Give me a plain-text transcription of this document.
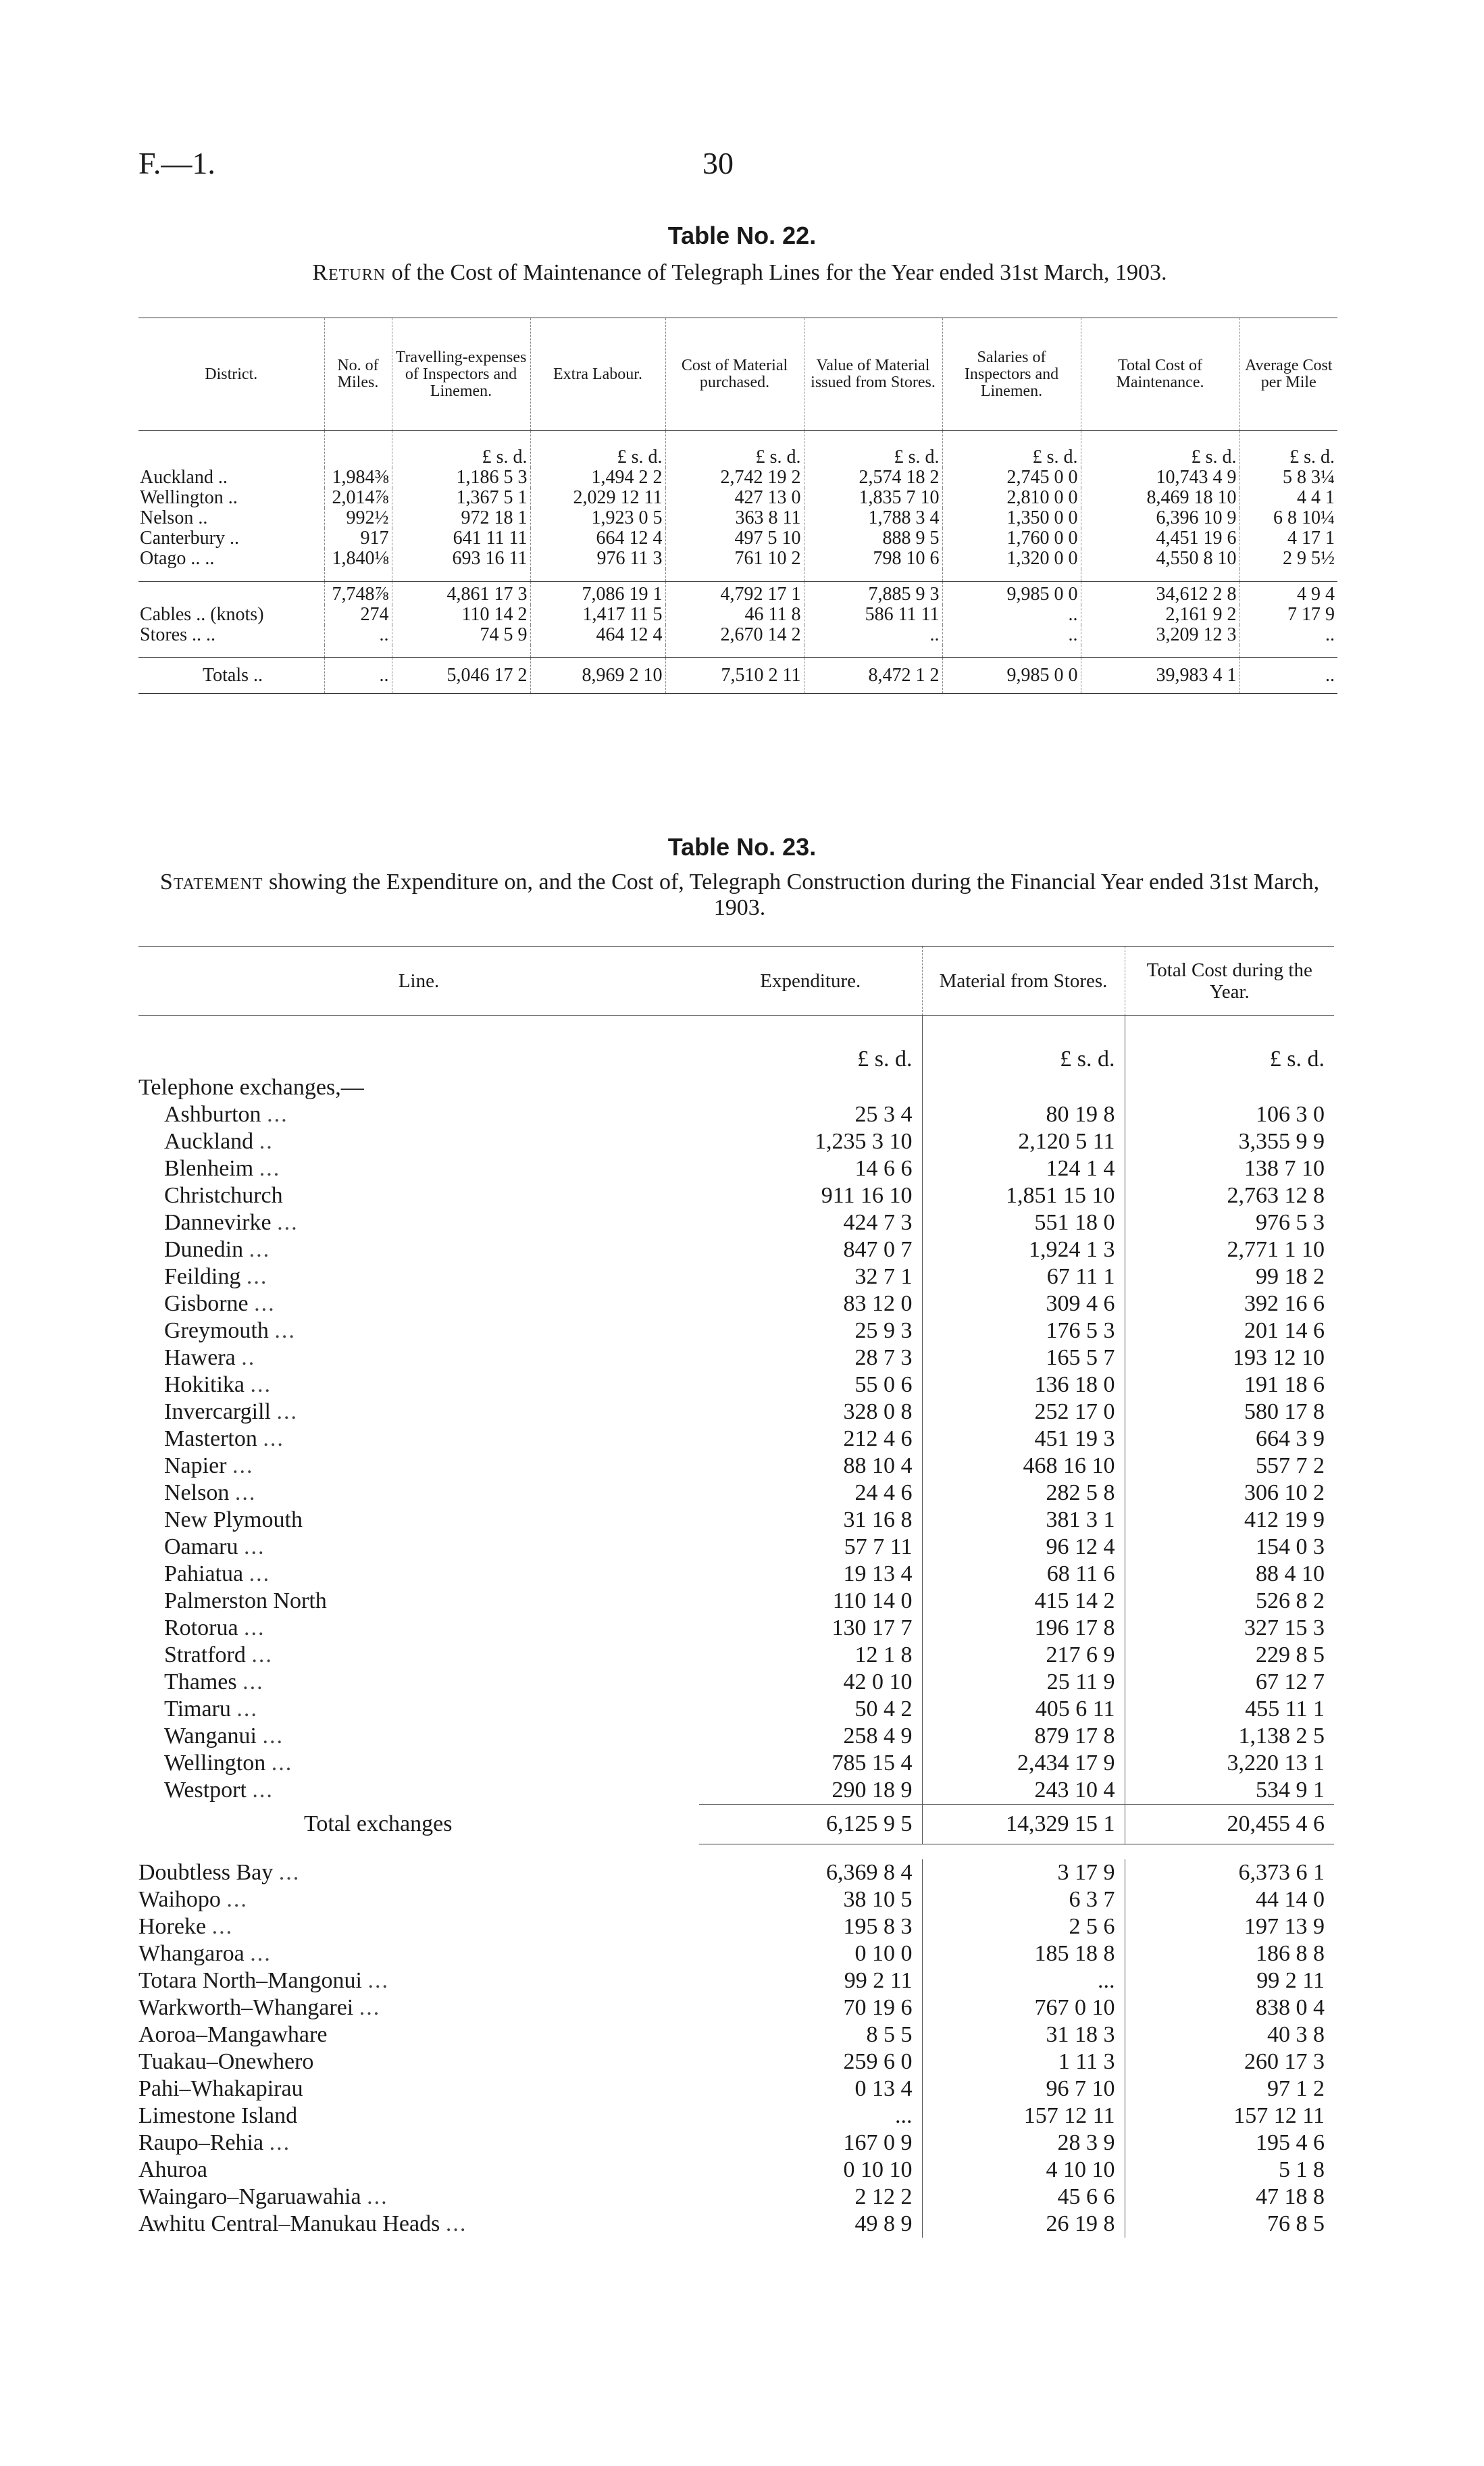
F.—1.	30
Table No. 22.
Return of the Cost of Maintenance of Telegraph Lines for the Year ended 31st March, 1903.
District.	No. of Miles.	Travelling-expenses of Inspectors and Linemen.	Extra Labour.	Cost of Material purchased.	Value of Material issued from Stores.	Salaries of Inspectors and Linemen.	Total Cost of Maintenance.	Average Cost per Mile
		£ s. d.	£ s. d.	£ s. d.	£ s. d.	£ s. d.	£ s. d.	£ s. d.
Auckland ..	1,984⅜	1,186 5 3	1,494 2 2	2,742 19 2	2,574 18 2	2,745 0 0	10,743 4 9	5 8 3¼
Wellington ..	2,014⅞	1,367 5 1	2,029 12 11	427 13 0	1,835 7 10	2,810 0 0	8,469 18 10	4 4 1
Nelson ..	992½	972 18 1	1,923 0 5	363 8 11	1,788 3 4	1,350 0 0	6,396 10 9	6 8 10¼
Canterbury ..	917	641 11 11	664 12 4	497 5 10	888 9 5	1,760 0 0	4,451 19 6	4 17 1
Otago .. ..	1,840⅛	693 16 11	976 11 3	761 10 2	798 10 6	1,320 0 0	4,550 8 10	2 9 5½

	7,748⅞	4,861 17 3	7,086 19 1	4,792 17 1	7,885 9 3	9,985 0 0	34,612 2 8	4 9 4
Cables .. (knots)	274	110 14 2	1,417 11 5	46 11 8	586 11 11	..	2,161 9 2	7 17 9
Stores .. ..	..	74 5 9	464 12 4	2,670 14 2	..	..	3,209 12 3	..

Totals ..	..	5,046 17 2	8,969 2 10	7,510 2 11	8,472 1 2	9,985 0 0	39,983 4 1	..
Table No. 23.
Statement showing the Expenditure on, and the Cost of, Telegraph Construction during the Financial Year ended 31st March, 1903.
Line.	Expenditure.	Material from Stores.	Total Cost during the Year.
	£ s. d.	£ s. d.	£ s. d.
Telephone exchanges,—			
Ashburton ...	25 3 4	80 19 8	106 3 0
Auckland ..	1,235 3 10	2,120 5 11	3,355 9 9
Blenheim ...	14 6 6	124 1 4	138 7 10
Christchurch	911 16 10	1,851 15 10	2,763 12 8
Dannevirke ...	424 7 3	551 18 0	976 5 3
Dunedin ...	847 0 7	1,924 1 3	2,771 1 10
Feilding ...	32 7 1	67 11 1	99 18 2
Gisborne ...	83 12 0	309 4 6	392 16 6
Greymouth ...	25 9 3	176 5 3	201 14 6
Hawera ..	28 7 3	165 5 7	193 12 10
Hokitika ...	55 0 6	136 18 0	191 18 6
Invercargill ...	328 0 8	252 17 0	580 17 8
Masterton ...	212 4 6	451 19 3	664 3 9
Napier ...	88 10 4	468 16 10	557 7 2
Nelson ...	24 4 6	282 5 8	306 10 2
New Plymouth	31 16 8	381 3 1	412 19 9
Oamaru ...	57 7 11	96 12 4	154 0 3
Pahiatua ...	19 13 4	68 11 6	88 4 10
Palmerston North	110 14 0	415 14 2	526 8 2
Rotorua ...	130 17 7	196 17 8	327 15 3
Stratford ...	12 1 8	217 6 9	229 8 5
Thames ...	42 0 10	25 11 9	67 12 7
Timaru ...	50 4 2	405 6 11	455 11 1
Wanganui ...	258 4 9	879 17 8	1,138 2 5
Wellington ...	785 15 4	2,434 17 9	3,220 13 1
Westport ...	290 18 9	243 10 4	534 9 1
Total exchanges	6,125 9 5	14,329 15 1	20,455 4 6

Doubtless Bay ...	6,369 8 4	3 17 9	6,373 6 1
Waihopo ...	38 10 5	6 3 7	44 14 0
Horeke ...	195 8 3	2 5 6	197 13 9
Whangaroa ...	0 10 0	185 18 8	186 8 8
Totara North–Mangonui ...	99 2 11	...	99 2 11
Warkworth–Whangarei ...	70 19 6	767 0 10	838 0 4
Aoroa–Mangawhare	8 5 5	31 18 3	40 3 8
Tuakau–Onewhero	259 6 0	1 11 3	260 17 3
Pahi–Whakapirau	0 13 4	96 7 10	97 1 2
Limestone Island	...	157 12 11	157 12 11
Raupo–Rehia ...	167 0 9	28 3 9	195 4 6
Ahuroa	0 10 10	4 10 10	5 1 8
Waingaro–Ngaruawahia ...	2 12 2	45 6 6	47 18 8
Awhitu Central–Manukau Heads ...	49 8 9	26 19 8	76 8 5
